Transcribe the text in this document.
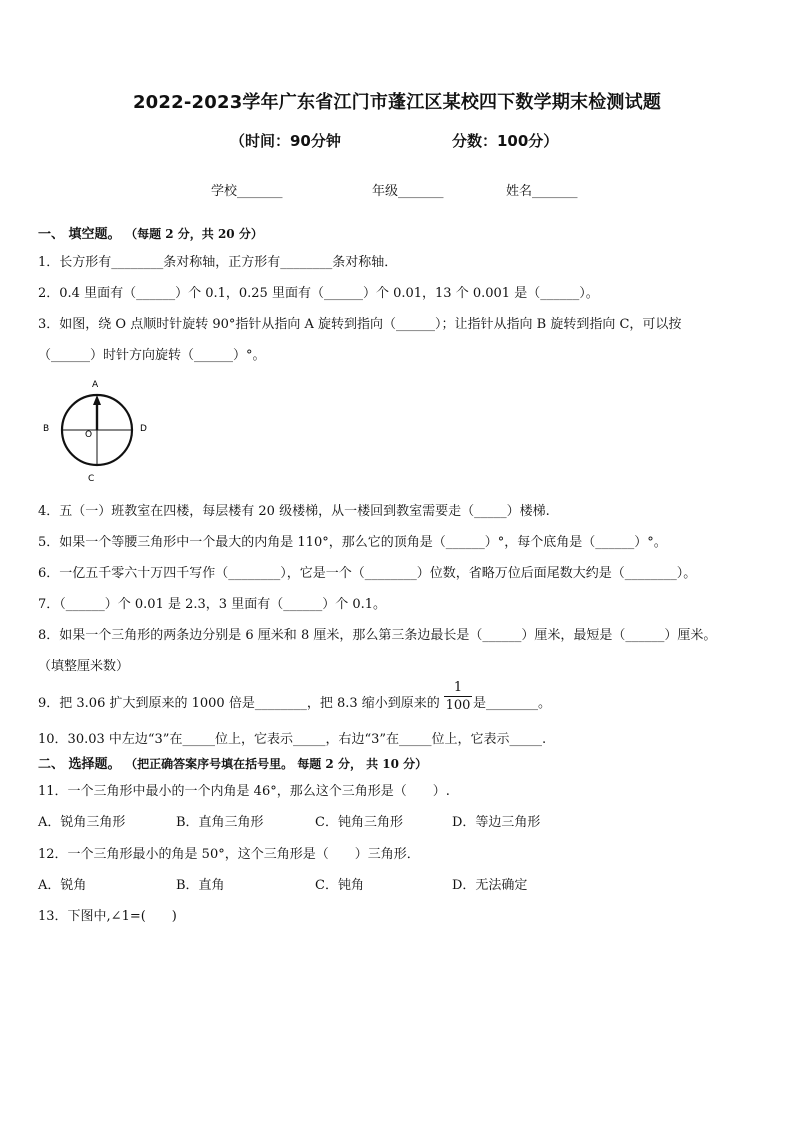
2022-2023学年广东省江门市蓬江区某校四下数学期末检测试题
（时间：90分钟	分数：100分）
学校_______	年级_______	姓名_______
一、 填空题。 （每题 2 分，共 20 分）
1．长方形有________条对称轴，正方形有________条对称轴．
2．0.4 里面有（______）个 0.1，0.25 里面有（______）个 0.01，13 个 0.001 是（______）。
3．如图，绕 O 点顺时针旋转 90°指针从指向 A 旋转到指向（______）；让指针从指向 B 旋转到指向 C，可以按
（______）时针方向旋转（______）°。
A
B
C
D
O
4．五（一）班教室在四楼，每层楼有 20 级楼梯，从一楼回到教室需要走（_____）楼梯.
5．如果一个等腰三角形中一个最大的内角是 110°，那么它的顶角是（______）°，每个底角是（______）°。
6．一亿五千零六十万四千写作（________），它是一个（________）位数，省略万位后面尾数大约是（________）。
7．（______）个 0.01 是 2.3，3 里面有（______）个 0.1。
8．如果一个三角形的两条边分别是 6 厘米和 8 厘米，那么第三条边最长是（______）厘米，最短是（______）厘米。
（填整厘米数）
9．把 3.06 扩大到原来的 1000 倍是________，把 8.3 缩小到原来的
1
100 是________。
10．30.03 中左边“3”在_____位上，它表示_____，右边“3”在_____位上，它表示_____.
二、 选择题。 （把正确答案序号填在括号里。 每题 2 分， 共 10 分）
11．一个三角形中最小的一个内角是 46°，那么这个三角形是（　　）.
A．锐角三角形	B．直角三角形	C．钝角三角形	D．等边三角形
12．一个三角形最小的角是 50°，这个三角形是（　　）三角形．
A．锐角	B．直角	C．钝角	D．无法确定
13．下图中,∠1=(　　)
